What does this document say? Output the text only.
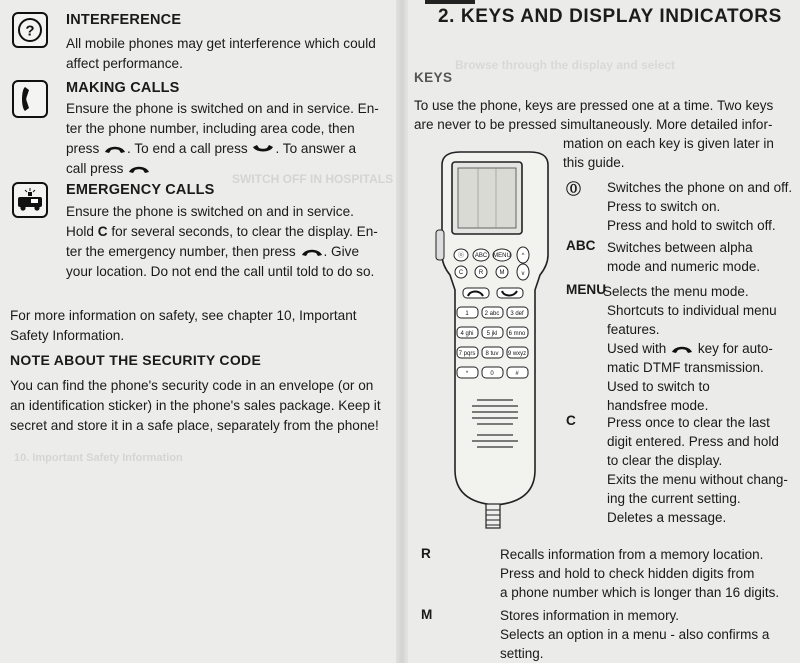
SWITCH OFF IN HOSPITALS
10. Important Safety Information
?
INTERFERENCE
All mobile phones may get interference which could
affect performance.
MAKING CALLS
Ensure the phone is switched on and in service. En-
ter the phone number, including area code, then
press . To end a call press . To answer a
call press
EMERGENCY CALLS
Ensure the phone is switched on and in service.
Hold C for several seconds, to clear the display. En-
ter the emergency number, then press . Give
your location. Do not end the call until told to do so.
For more information on safety, see chapter 10, Important
Safety Information.
NOTE ABOUT THE SECURITY CODE
You can find the phone's security code in an envelope (or on
an identification sticker) in the phone's sales package. Keep it
secret and store it in a safe place, separately from the phone!
Browse through the display and select
2. KEYS AND DISPLAY INDICATORS
KEYS
To use the phone, keys are pressed one at a time. Two keys
are never to be pressed simultaneously. More detailed infor-
mation on each key is given later in
this guide.
⓪ ABC MENU ^
C	R	M	v
1	2 abc 3 def
4 ghi 5 jkl 6 mno
7 pqrs 8 tuv 9 wxyz
*	0	#
⓪ Switches the phone on and off.
Press to switch on.
Press and hold to switch off.
ABC Switches between alpha
mode and numeric mode.
MENU
Selects the menu mode.
Shortcuts to individual menu
features.
Used with key for auto-
matic DTMF transmission.
Used to switch to
handsfree mode.
C Press once to clear the last
digit entered. Press and hold
to clear the display.
Exits the menu without chang-
ing the current setting.
Deletes a message.
R	Recalls information from a memory location.
Press and hold to check hidden digits from
a phone number which is longer than 16 digits.
M	Stores information in memory.
Selects an option in a menu - also confirms a
setting.
